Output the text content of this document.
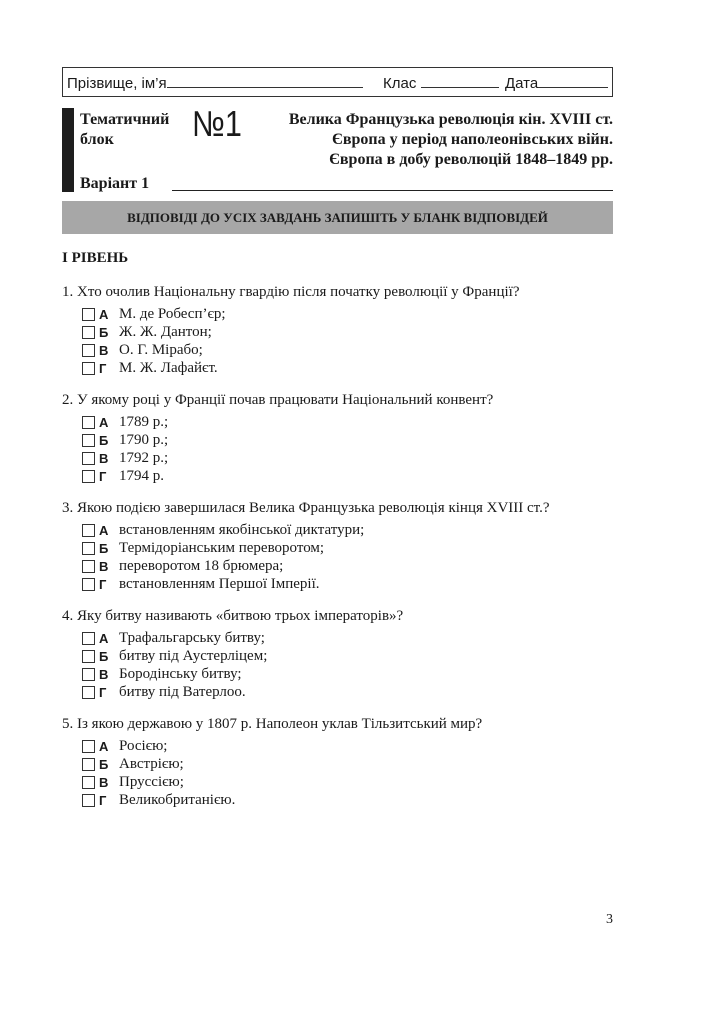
Прізвище, ім’я	Клас	Дата
Тематичний
блок	№1	Велика Французька революція кін. XVIII ст.
Європа у період наполеонівських війн.
Європа в добу революцій 1848–1849 рр.
Варіант 1
ВІДПОВІДІ ДО УСІХ ЗАВДАНЬ ЗАПИШІТЬ У БЛАНК ВІДПОВІДЕЙ
І РІВЕНЬ
1. Хто очолив Національну гвардію після початку революції у Франції?
А М. де Робесп’єр;
Б Ж. Ж. Дантон;
В О. Г. Мірабо;
Г М. Ж. Лафайєт.
2. У якому році у Франції почав працювати Національний конвент?
А 1789 р.;
Б 1790 р.;
В 1792 р.;
Г 1794 р.
3. Якою подією завершилася Велика Французька революція кінця XVIII ст.?
А встановленням якобінської диктатури;
Б Термідоріанським переворотом;
В переворотом 18 брюмера;
Г встановленням Першої Імперії.
4. Яку битву називають «битвою трьох імператорів»?
А Трафальгарську битву;
Б битву під Аустерліцем;
В Бородінську битву;
Г битву під Ватерлоо.
5. Із якою державою у 1807 р. Наполеон уклав Тільзитський мир?
А Росією;
Б Австрією;
В Пруссією;
Г Великобританією.
3
